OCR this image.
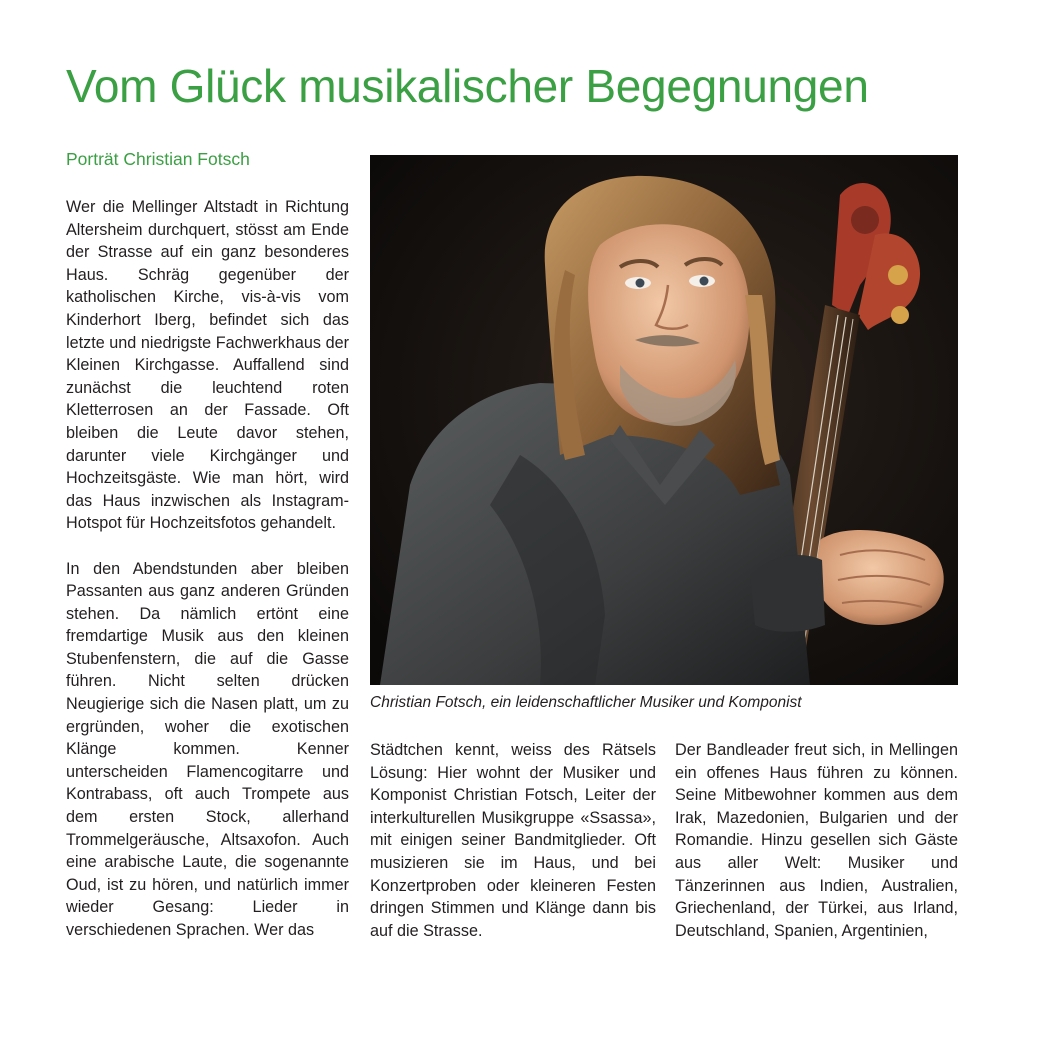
Vom Glück musikalischer Begegnungen
Porträt Christian Fotsch

Wer die Mellinger Altstadt in Richtung Altersheim durchquert, stösst am Ende der Strasse auf ein ganz besonderes Haus. Schräg gegenüber der katholischen Kirche, vis-à-vis vom Kinderhort Iberg, befindet sich das letzte und niedrigste Fachwerkhaus der Kleinen Kirchgasse. Auffallend sind zunächst die leuchtend roten Kletterrosen an der Fassade. Oft bleiben die Leute davor stehen, darunter viele Kirchgänger und Hochzeitsgäste. Wie man hört, wird das Haus inzwischen als Instagram-Hotspot für Hochzeitsfotos gehandelt.

In den Abendstunden aber bleiben Passanten aus ganz anderen Gründen stehen. Da nämlich ertönt eine fremdartige Musik aus den kleinen Stubenfenstern, die auf die Gasse führen. Nicht selten drücken Neugierige sich die Nasen platt, um zu ergründen, woher die exotischen Klänge kommen. Kenner unterscheiden Flamencogitarre und Kontrabass, oft auch Trompete aus dem ersten Stock, allerhand Trommelgeräusche, Altsaxofon. Auch eine arabische Laute, die sogenannte Oud, ist zu hören, und natürlich immer wieder Gesang: Lieder in verschiedenen Sprachen. Wer das

Christian Fotsch, ein leidenschaftlicher Musiker und Komponist

Städtchen kennt, weiss des Rätsels Lösung: Hier wohnt der Musiker und Komponist Christian Fotsch, Leiter der interkulturellen Musikgruppe «Ssassa», mit einigen seiner Bandmitglieder. Oft musizieren sie im Haus, und bei Konzertproben oder kleineren Festen dringen Stimmen und Klänge dann bis auf die Strasse.

Der Bandleader freut sich, in Mellingen ein offenes Haus führen zu können. Seine Mitbewohner kommen aus dem Irak, Mazedonien, Bulgarien und der Romandie. Hinzu gesellen sich Gäste aus aller Welt: Musiker und Tänzerinnen aus Indien, Australien, Griechenland, der Türkei, aus Irland, Deutschland, Spanien, Argentinien,
